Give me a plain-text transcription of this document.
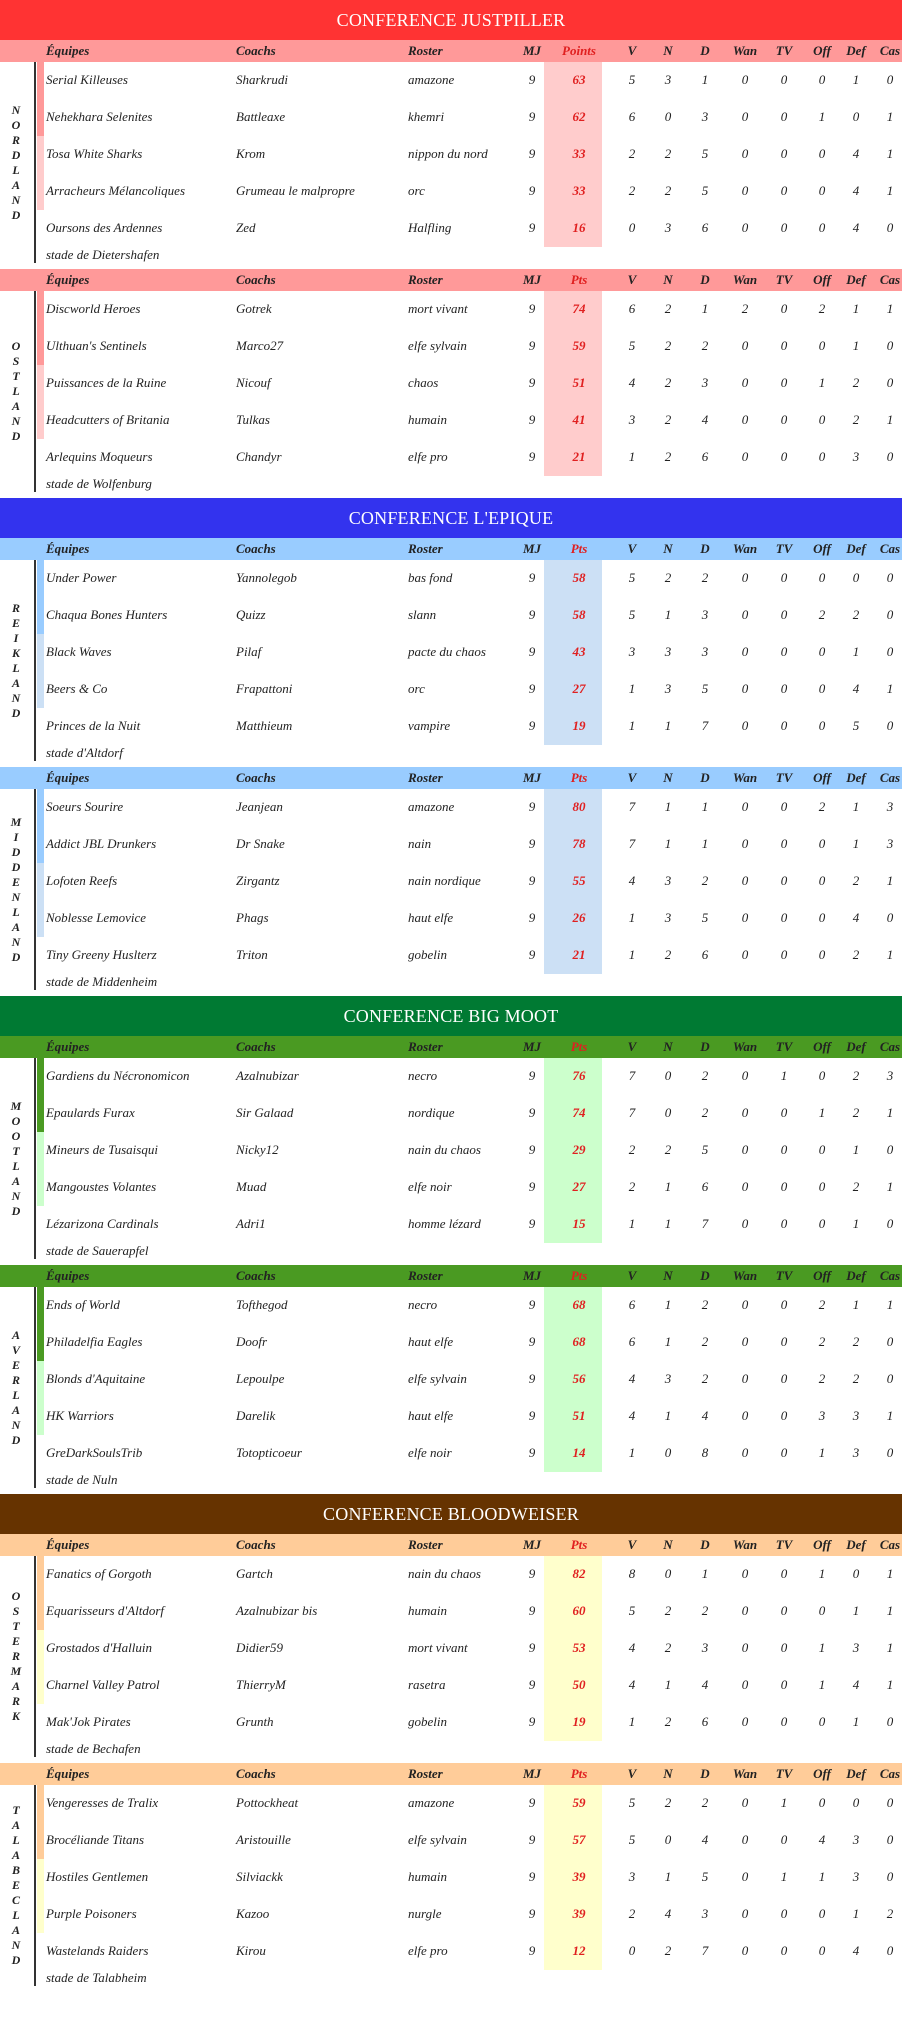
CONFERENCE JUSTPILLER
Équipes	Coachs	Roster	MJ	Points	V	N	D	Wan	TV	Off	Def	Cas
N
O
R
D
L
A
N
D
Serial Killeuses	Sharkrudi	amazone	9	63	5	3	1	0	0	0	1	0
Nehekhara Selenites	Battleaxe	khemri	9	62	6	0	3	0	0	1	0	1
Tosa White Sharks	Krom	nippon du nord	9	33	2	2	5	0	0	0	4	1
Arracheurs Mélancoliques	Grumeau le malpropre	orc	9	33	2	2	5	0	0	0	4	1
Oursons des Ardennes	Zed	Halfling	9	16	0	3	6	0	0	0	4	0
stade de Dietershafen
Équipes	Coachs	Roster	MJ	Pts	V	N	D	Wan	TV	Off	Def	Cas
O
S
T
L
A
N
D
Discworld Heroes	Gotrek	mort vivant	9	74	6	2	1	2	0	2	1	1
Ulthuan's Sentinels	Marco27	elfe sylvain	9	59	5	2	2	0	0	0	1	0
Puissances de la Ruine	Nicouf	chaos	9	51	4	2	3	0	0	1	2	0
Headcutters of Britania	Tulkas	humain	9	41	3	2	4	0	0	0	2	1
Arlequins Moqueurs	Chandyr	elfe pro	9	21	1	2	6	0	0	0	3	0
stade de Wolfenburg
CONFERENCE L'EPIQUE
Équipes	Coachs	Roster	MJ	Pts	V	N	D	Wan	TV	Off	Def	Cas
R
E
I
K
L
A
N
D
Under Power	Yannolegob	bas fond	9	58	5	2	2	0	0	0	0	0
Chaqua Bones Hunters	Quizz	slann	9	58	5	1	3	0	0	2	2	0
Black Waves	Pilaf	pacte du chaos	9	43	3	3	3	0	0	0	1	0
Beers & Co	Frapattoni	orc	9	27	1	3	5	0	0	0	4	1
Princes de la Nuit	Matthieum	vampire	9	19	1	1	7	0	0	0	5	0
stade d'Altdorf
Équipes	Coachs	Roster	MJ	Pts	V	N	D	Wan	TV	Off	Def	Cas
M
I
D
D
E
N
L
A
N
D
Soeurs Sourire	Jeanjean	amazone	9	80	7	1	1	0	0	2	1	3
Addict JBL Drunkers	Dr Snake	nain	9	78	7	1	1	0	0	0	1	3
Lofoten Reefs	Zirgantz	nain nordique	9	55	4	3	2	0	0	0	2	1
Noblesse Lemovice	Phags	haut elfe	9	26	1	3	5	0	0	0	4	0
Tiny Greeny Huslterz	Triton	gobelin	9	21	1	2	6	0	0	0	2	1
stade de Middenheim
CONFERENCE BIG MOOT
Équipes	Coachs	Roster	MJ	Pts	V	N	D	Wan	TV	Off	Def	Cas
M
O
O
T
L
A
N
D
Gardiens du Nécronomicon	Azalnubizar	necro	9	76	7	0	2	0	1	0	2	3
Epaulards Furax	Sir Galaad	nordique	9	74	7	0	2	0	0	1	2	1
Mineurs de Tusaisqui	Nicky12	nain du chaos	9	29	2	2	5	0	0	0	1	0
Mangoustes Volantes	Muad	elfe noir	9	27	2	1	6	0	0	0	2	1
Lézarizona Cardinals	Adri1	homme lézard	9	15	1	1	7	0	0	0	1	0
stade de Sauerapfel
Équipes	Coachs	Roster	MJ	Pts	V	N	D	Wan	TV	Off	Def	Cas
A
V
E
R
L
A
N
D
Ends of World	Tofthegod	necro	9	68	6	1	2	0	0	2	1	1
Philadelfia Eagles	Doofr	haut elfe	9	68	6	1	2	0	0	2	2	0
Blonds d'Aquitaine	Lepoulpe	elfe sylvain	9	56	4	3	2	0	0	2	2	0
HK Warriors	Darelik	haut elfe	9	51	4	1	4	0	0	3	3	1
GreDarkSoulsTrib	Totopticoeur	elfe noir	9	14	1	0	8	0	0	1	3	0
stade de Nuln
CONFERENCE BLOODWEISER
Équipes	Coachs	Roster	MJ	Pts	V	N	D	Wan	TV	Off	Def	Cas
O
S
T
E
R
M
A
R
K
Fanatics of Gorgoth	Gartch	nain du chaos	9	82	8	0	1	0	0	1	0	1
Equarisseurs d'Altdorf	Azalnubizar bis	humain	9	60	5	2	2	0	0	0	1	1
Grostados d'Halluin	Didier59	mort vivant	9	53	4	2	3	0	0	1	3	1
Charnel Valley Patrol	ThierryM	rasetra	9	50	4	1	4	0	0	1	4	1
Mak'Jok Pirates	Grunth	gobelin	9	19	1	2	6	0	0	0	1	0
stade de Bechafen
Équipes	Coachs	Roster	MJ	Pts	V	N	D	Wan	TV	Off	Def	Cas
T
A
L
A
B
E
C
L
A
N
D
Vengeresses de Tralix	Pottockheat	amazone	9	59	5	2	2	0	1	0	0	0
Brocéliande Titans	Aristouille	elfe sylvain	9	57	5	0	4	0	0	4	3	0
Hostiles Gentlemen	Silviackk	humain	9	39	3	1	5	0	1	1	3	0
Purple Poisoners	Kazoo	nurgle	9	39	2	4	3	0	0	0	1	2
Wastelands Raiders	Kirou	elfe pro	9	12	0	2	7	0	0	0	4	0
stade de Talabheim
